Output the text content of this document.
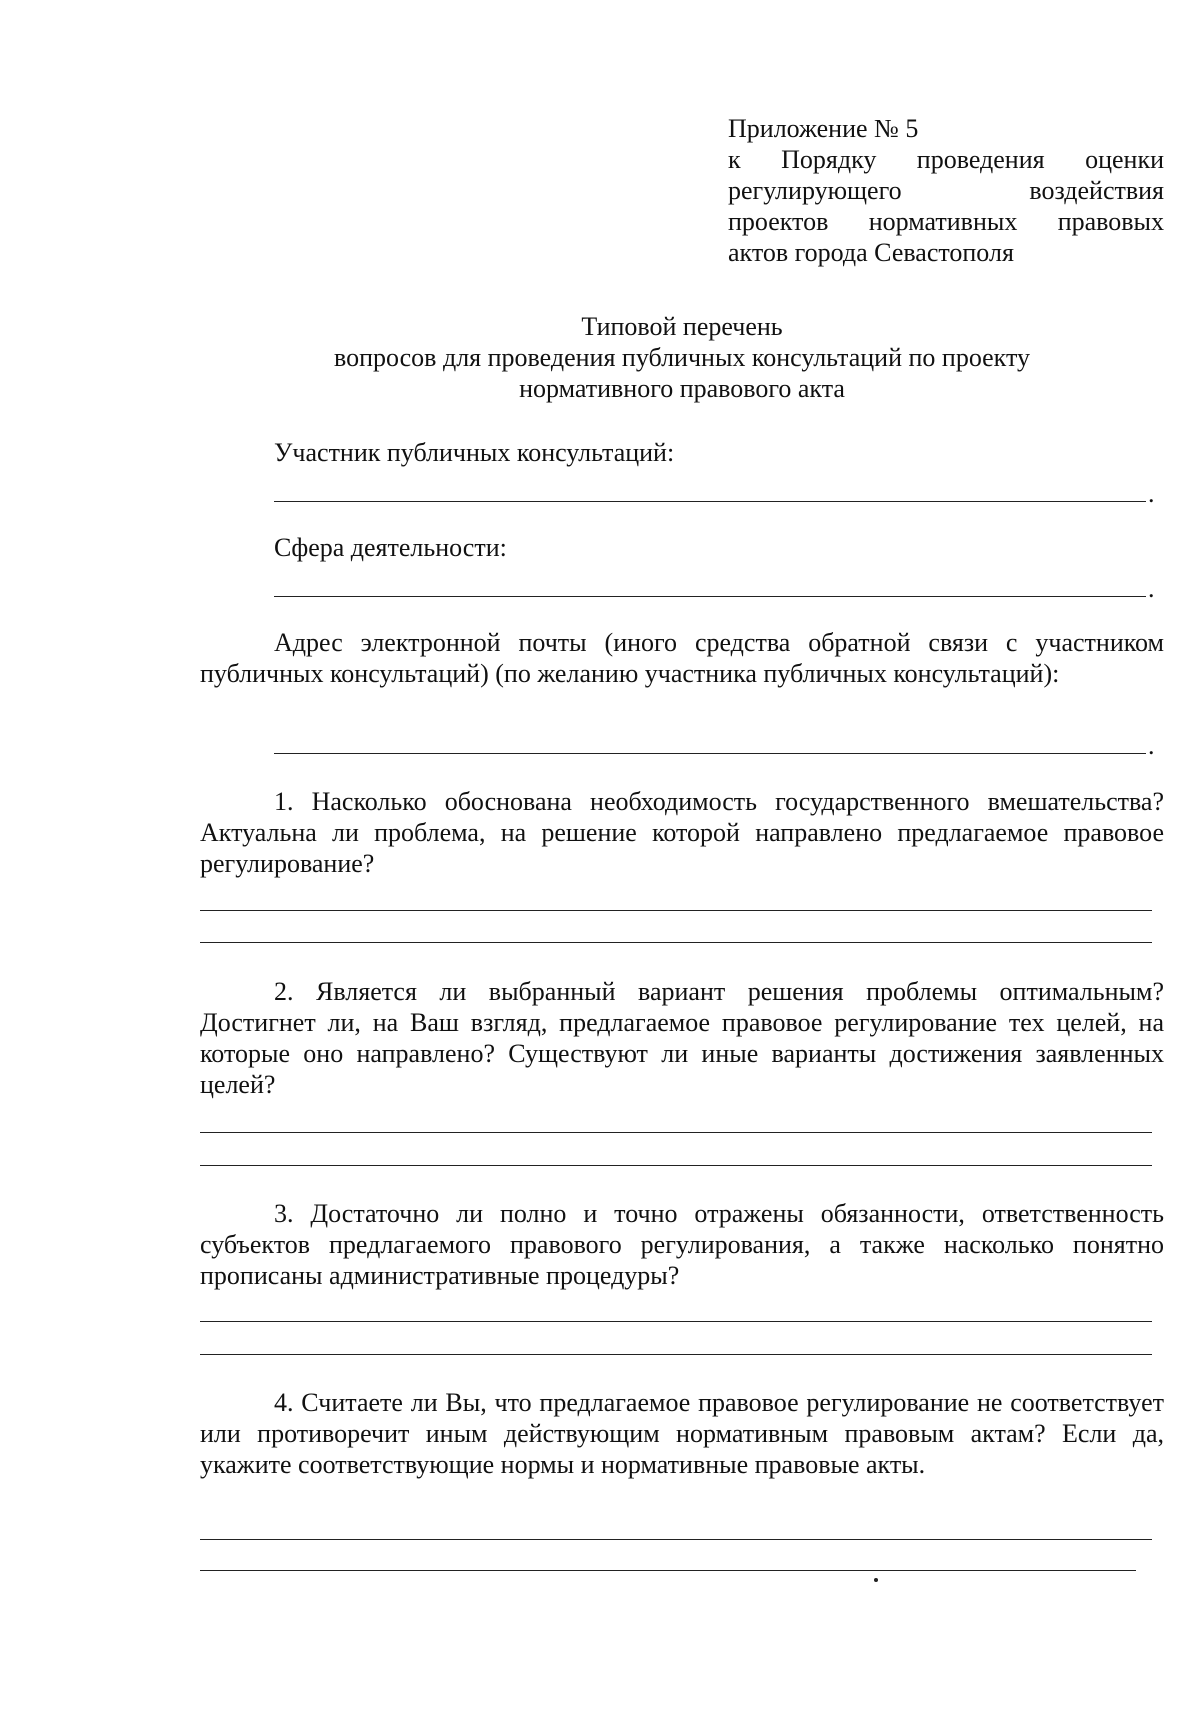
Приложение № 5
к Порядку проведения оценки
регулирующего воздействия
проектов нормативных правовых
актов города Севастополя
Типовой перечень
вопросов для проведения публичных консультаций по проекту
нормативного правового акта
Участник публичных консультаций:
.
Сфера деятельности:
.
Адрес электронной почты (иного средства обратной связи с участником публичных консультаций) (по желанию участника публичных консультаций):
.
1. Насколько обоснована необходимость государственного вмешательства? Актуальна ли проблема, на решение которой направлено предлагаемое правовое регулирование?
2. Является ли выбранный вариант решения проблемы оптимальным? Достигнет ли, на Ваш взгляд, предлагаемое правовое регулирование тех целей, на которые оно направлено? Существуют ли иные варианты достижения заявленных целей?
3. Достаточно ли полно и точно отражены обязанности, ответственность субъектов предлагаемого правового регулирования, а также насколько понятно прописаны административные процедуры?
4. Считаете ли Вы, что предлагаемое правовое регулирование не соответствует или противоречит иным действующим нормативным правовым актам? Если да, укажите соответствующие нормы и нормативные правовые акты.
